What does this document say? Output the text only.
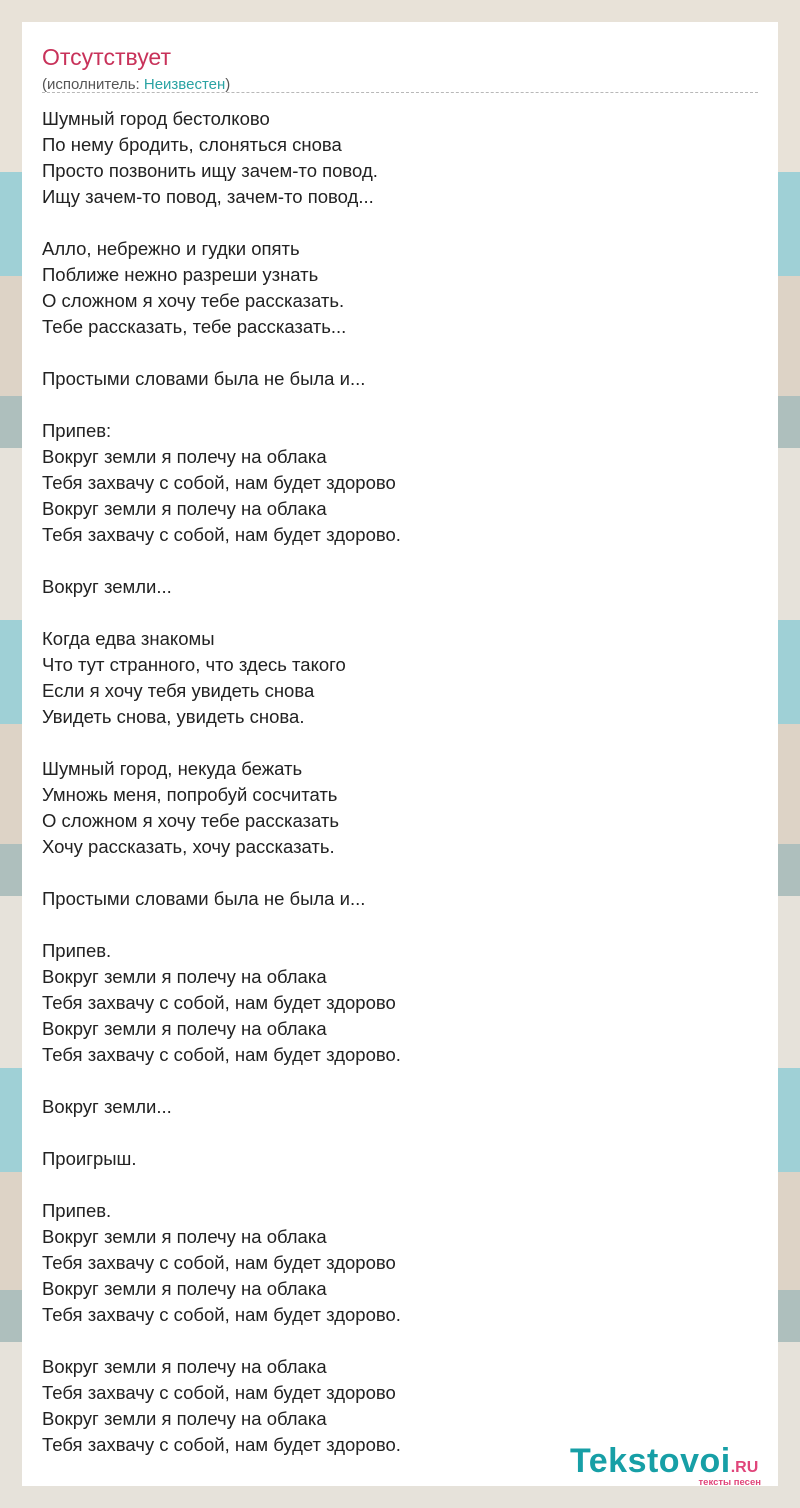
Отсутствует
(исполнитель: Неизвестен)
Шумный город бестолково
По нему бродить, слоняться снова
Просто позвонить ищу зачем-то повод.
Ищу зачем-то повод, зачем-то повод...
Алло, небрежно и гудки опять
Поближе нежно разреши узнать
О сложном я хочу тебе рассказать.
Тебе рассказать, тебе рассказать...
Простыми словами была не была и...
Припев:
Вокруг земли я полечу на облака
Тебя захвачу с собой, нам будет здорово
Вокруг земли я полечу на облака
Тебя захвачу с собой, нам будет здорово.
Вокруг земли...
Когда едва знакомы
Что тут странного, что здесь такого
Если я хочу тебя увидеть снова
Увидеть снова, увидеть снова.
Шумный город, некуда бежать
Умножь меня, попробуй сосчитать
О сложном я хочу тебе рассказать
Хочу рассказать, хочу рассказать.
Простыми словами была не была и...
Припев.
Вокруг земли я полечу на облака
Тебя захвачу с собой, нам будет здорово
Вокруг земли я полечу на облака
Тебя захвачу с собой, нам будет здорово.
Вокруг земли...
Проигрыш.
Припев.
Вокруг земли я полечу на облака
Тебя захвачу с собой, нам будет здорово
Вокруг земли я полечу на облака
Тебя захвачу с собой, нам будет здорово.
Вокруг земли я полечу на облака
Тебя захвачу с собой, нам будет здорово
Вокруг земли я полечу на облака
Тебя захвачу с собой, нам будет здорово.	Tekstovoi.RU
тексты песен
